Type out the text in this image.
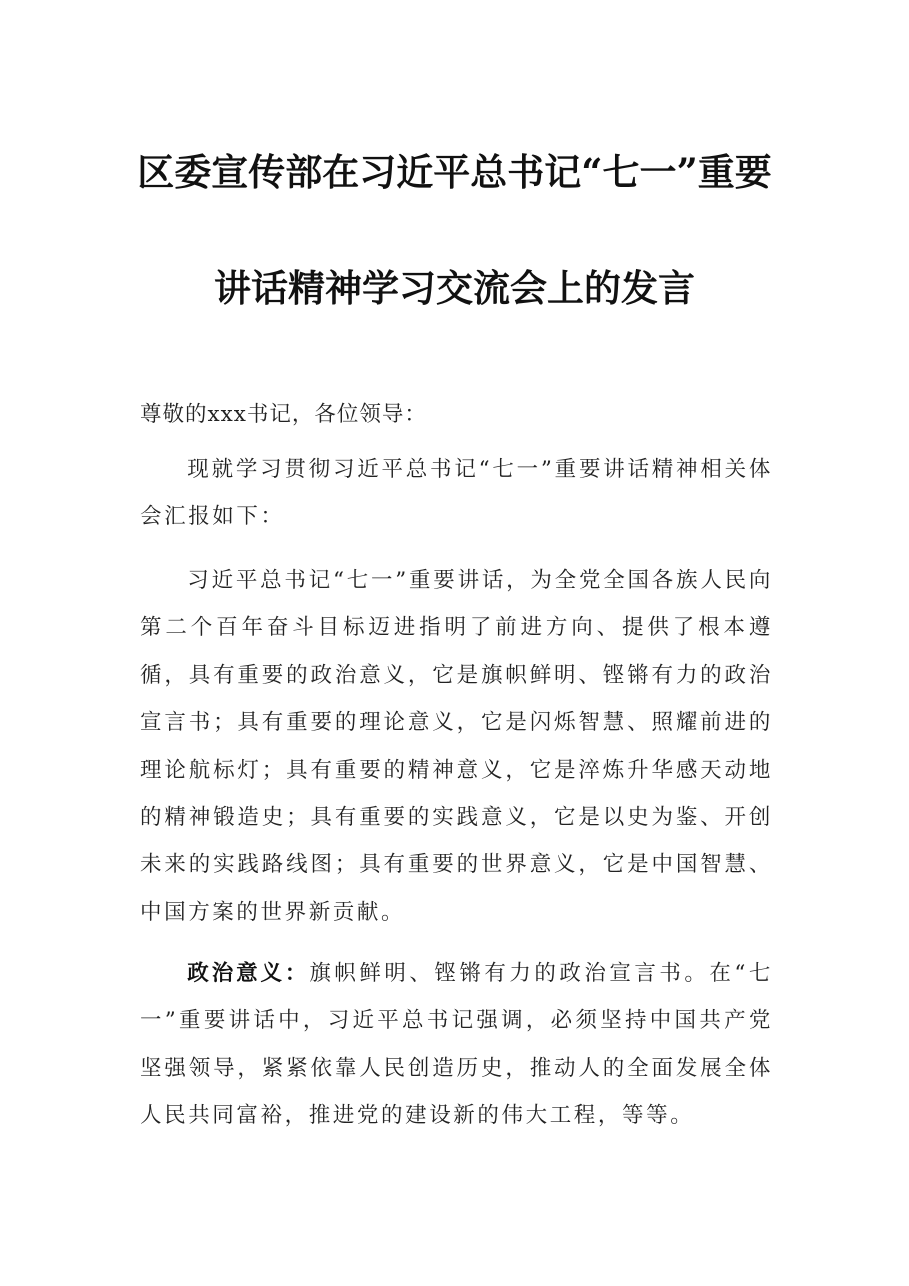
区委宣传部在习近平总书记“七一”重要
讲话精神学习交流会上的发言
尊敬的xxx书记，各位领导：
现就学习贯彻习近平总书记“七一”重要讲话精神相关体会汇报如下：
习近平总书记“七一”重要讲话，为全党全国各族人民向第二个百年奋斗目标迈进指明了前进方向、提供了根本遵循，具有重要的政治意义，它是旗帜鲜明、铿锵有力的政治宣言书；具有重要的理论意义，它是闪烁智慧、照耀前进的理论航标灯；具有重要的精神意义，它是淬炼升华感天动地的精神锻造史；具有重要的实践意义，它是以史为鉴、开创未来的实践路线图；具有重要的世界意义，它是中国智慧、中国方案的世界新贡献。
政治意义：旗帜鲜明、铿锵有力的政治宣言书。在“七一”重要讲话中，习近平总书记强调，必须坚持中国共产党坚强领导，紧紧依靠人民创造历史，推动人的全面发展全体人民共同富裕，推进党的建设新的伟大工程，等等。
